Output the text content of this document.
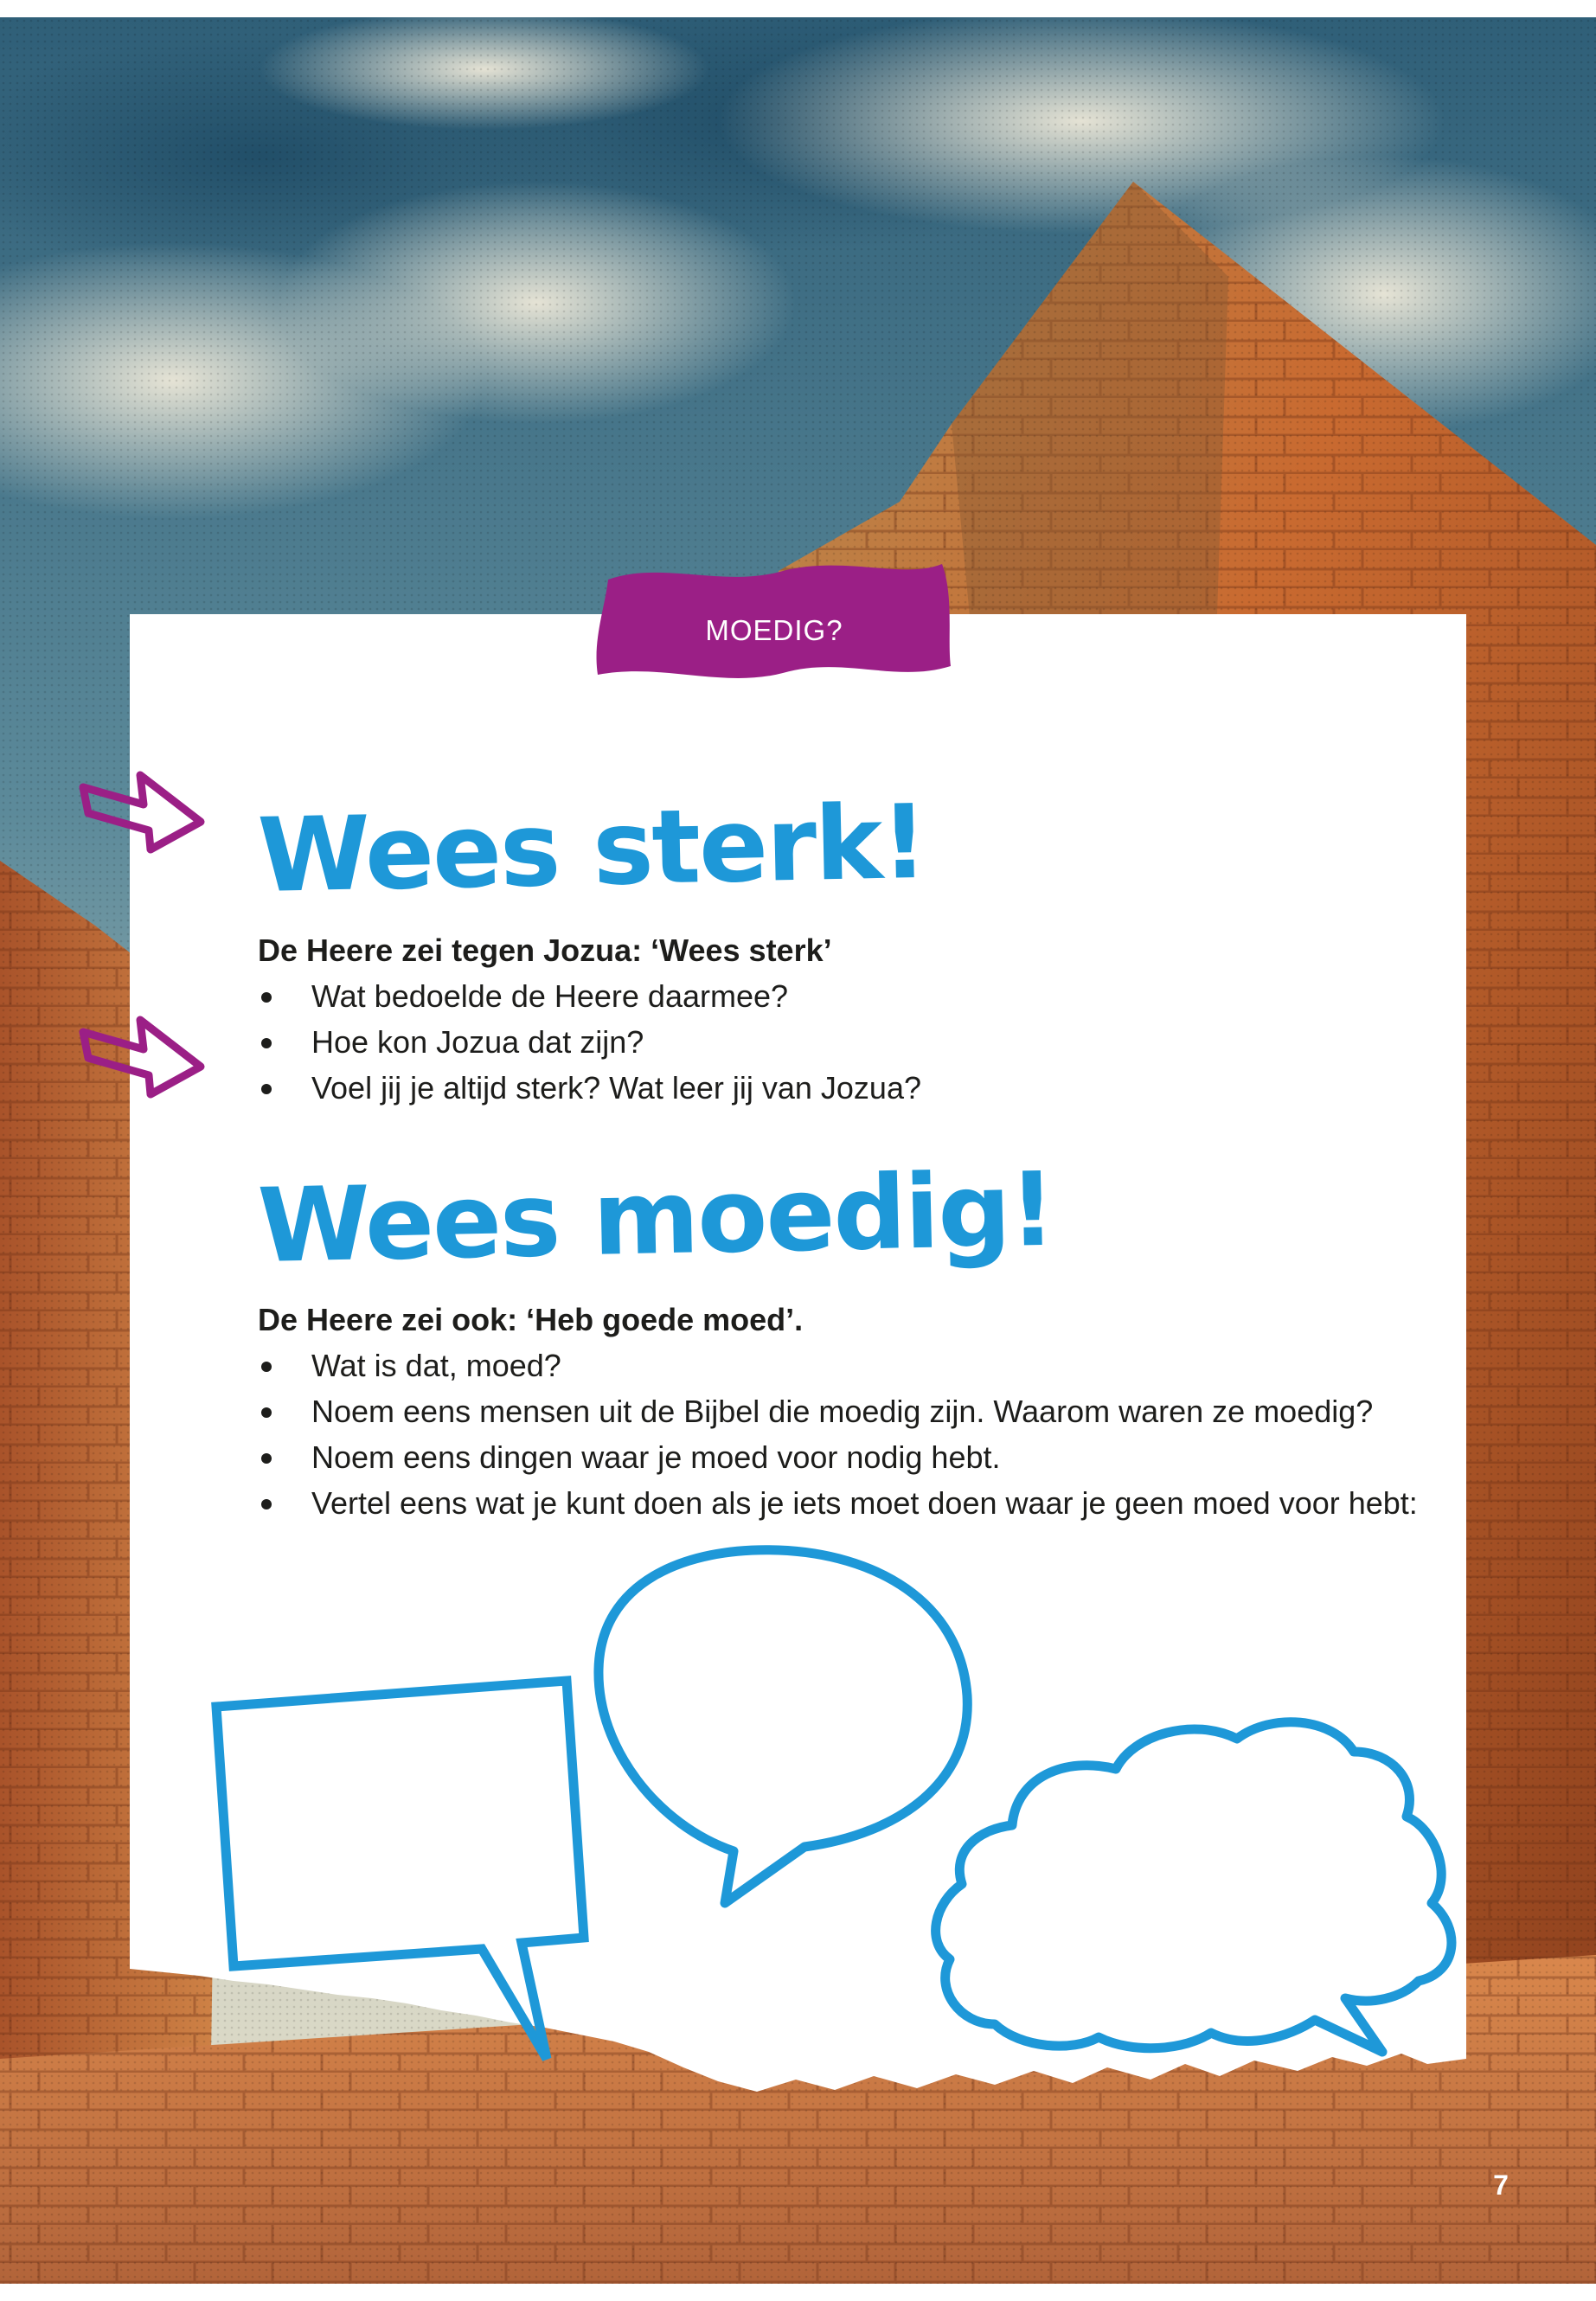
MOEDIG?
Wees sterk!

De Heere zei tegen Jozua: ‘Wees sterk’

Wat bedoelde de Heere daarmee?
Hoe kon Jozua dat zijn?
Voel jij je altijd sterk? Wat leer jij van Jozua?
Wees moedig!

De Heere zei ook: ‘Heb goede moed’.

Wat is dat, moed?
Noem eens mensen uit de Bijbel die moedig zijn. Waarom waren ze moedig?
Noem eens dingen waar je moed voor nodig hebt.
Vertel eens wat je kunt doen als je iets moet doen waar je geen moed voor hebt:
7
